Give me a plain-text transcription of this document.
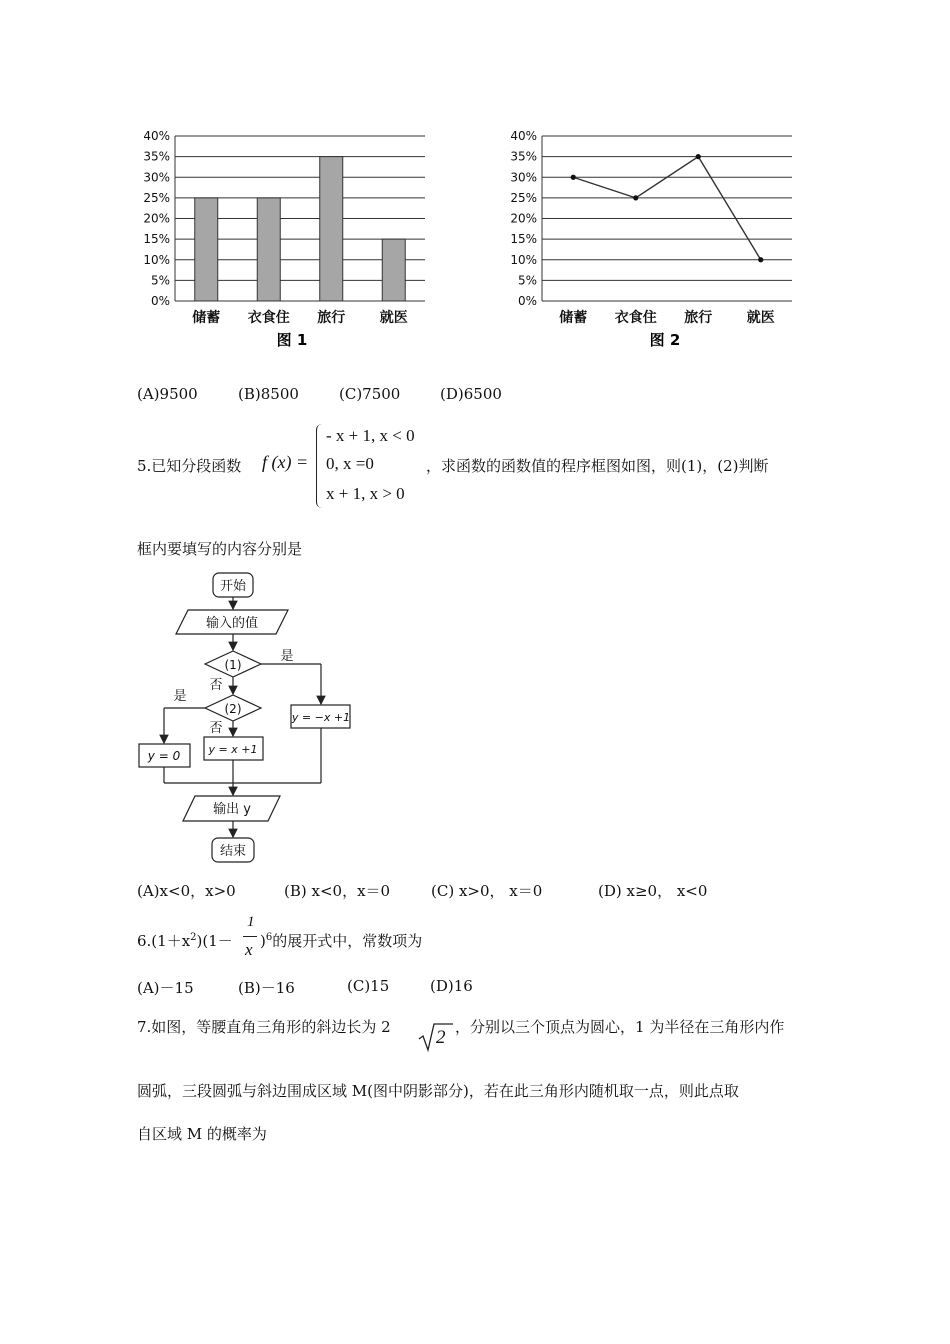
0%
5%
10%
15%
20%
25%
30%
35%
40%
储蓄 衣食住 旅行 就医
图 1
0%
5%
10%
15%
20%
25%
30%
35%
40%
储蓄 衣食住 旅行 就医
图 2
(A)9500	(B)8500	(C)7500	(D)6500
5.已知分段函数 f (x) =
- x + 1, x < 0
0, x =0
x + 1, x > 0
，求函数的函数值的程序框图如图，则(1)，(2)判断
框内要填写的内容分别是
开始
输入的值
(1)
(2)
是
否
是
否
y = −x +1
y = x +1
y = 0
输出 y
结束
(A)x<0，x>0	(B) x<0，x＝0	(C) x>0， x＝0	(D) x≥0， x<0
$6.(1+x^2)(1-$
1
x )$^6$的展开式中，常数项为
(A)－15	(B)－16	(C)15	(D)16
7.如图，等腰直角三角形的斜边长为 2 2 ，分别以三个顶点为圆心，1 为半径在三角形内作
圆弧，三段圆弧与斜边围成区域 M(图中阴影部分)，若在此三角形内随机取一点，则此点取
自区域 M 的概率为
